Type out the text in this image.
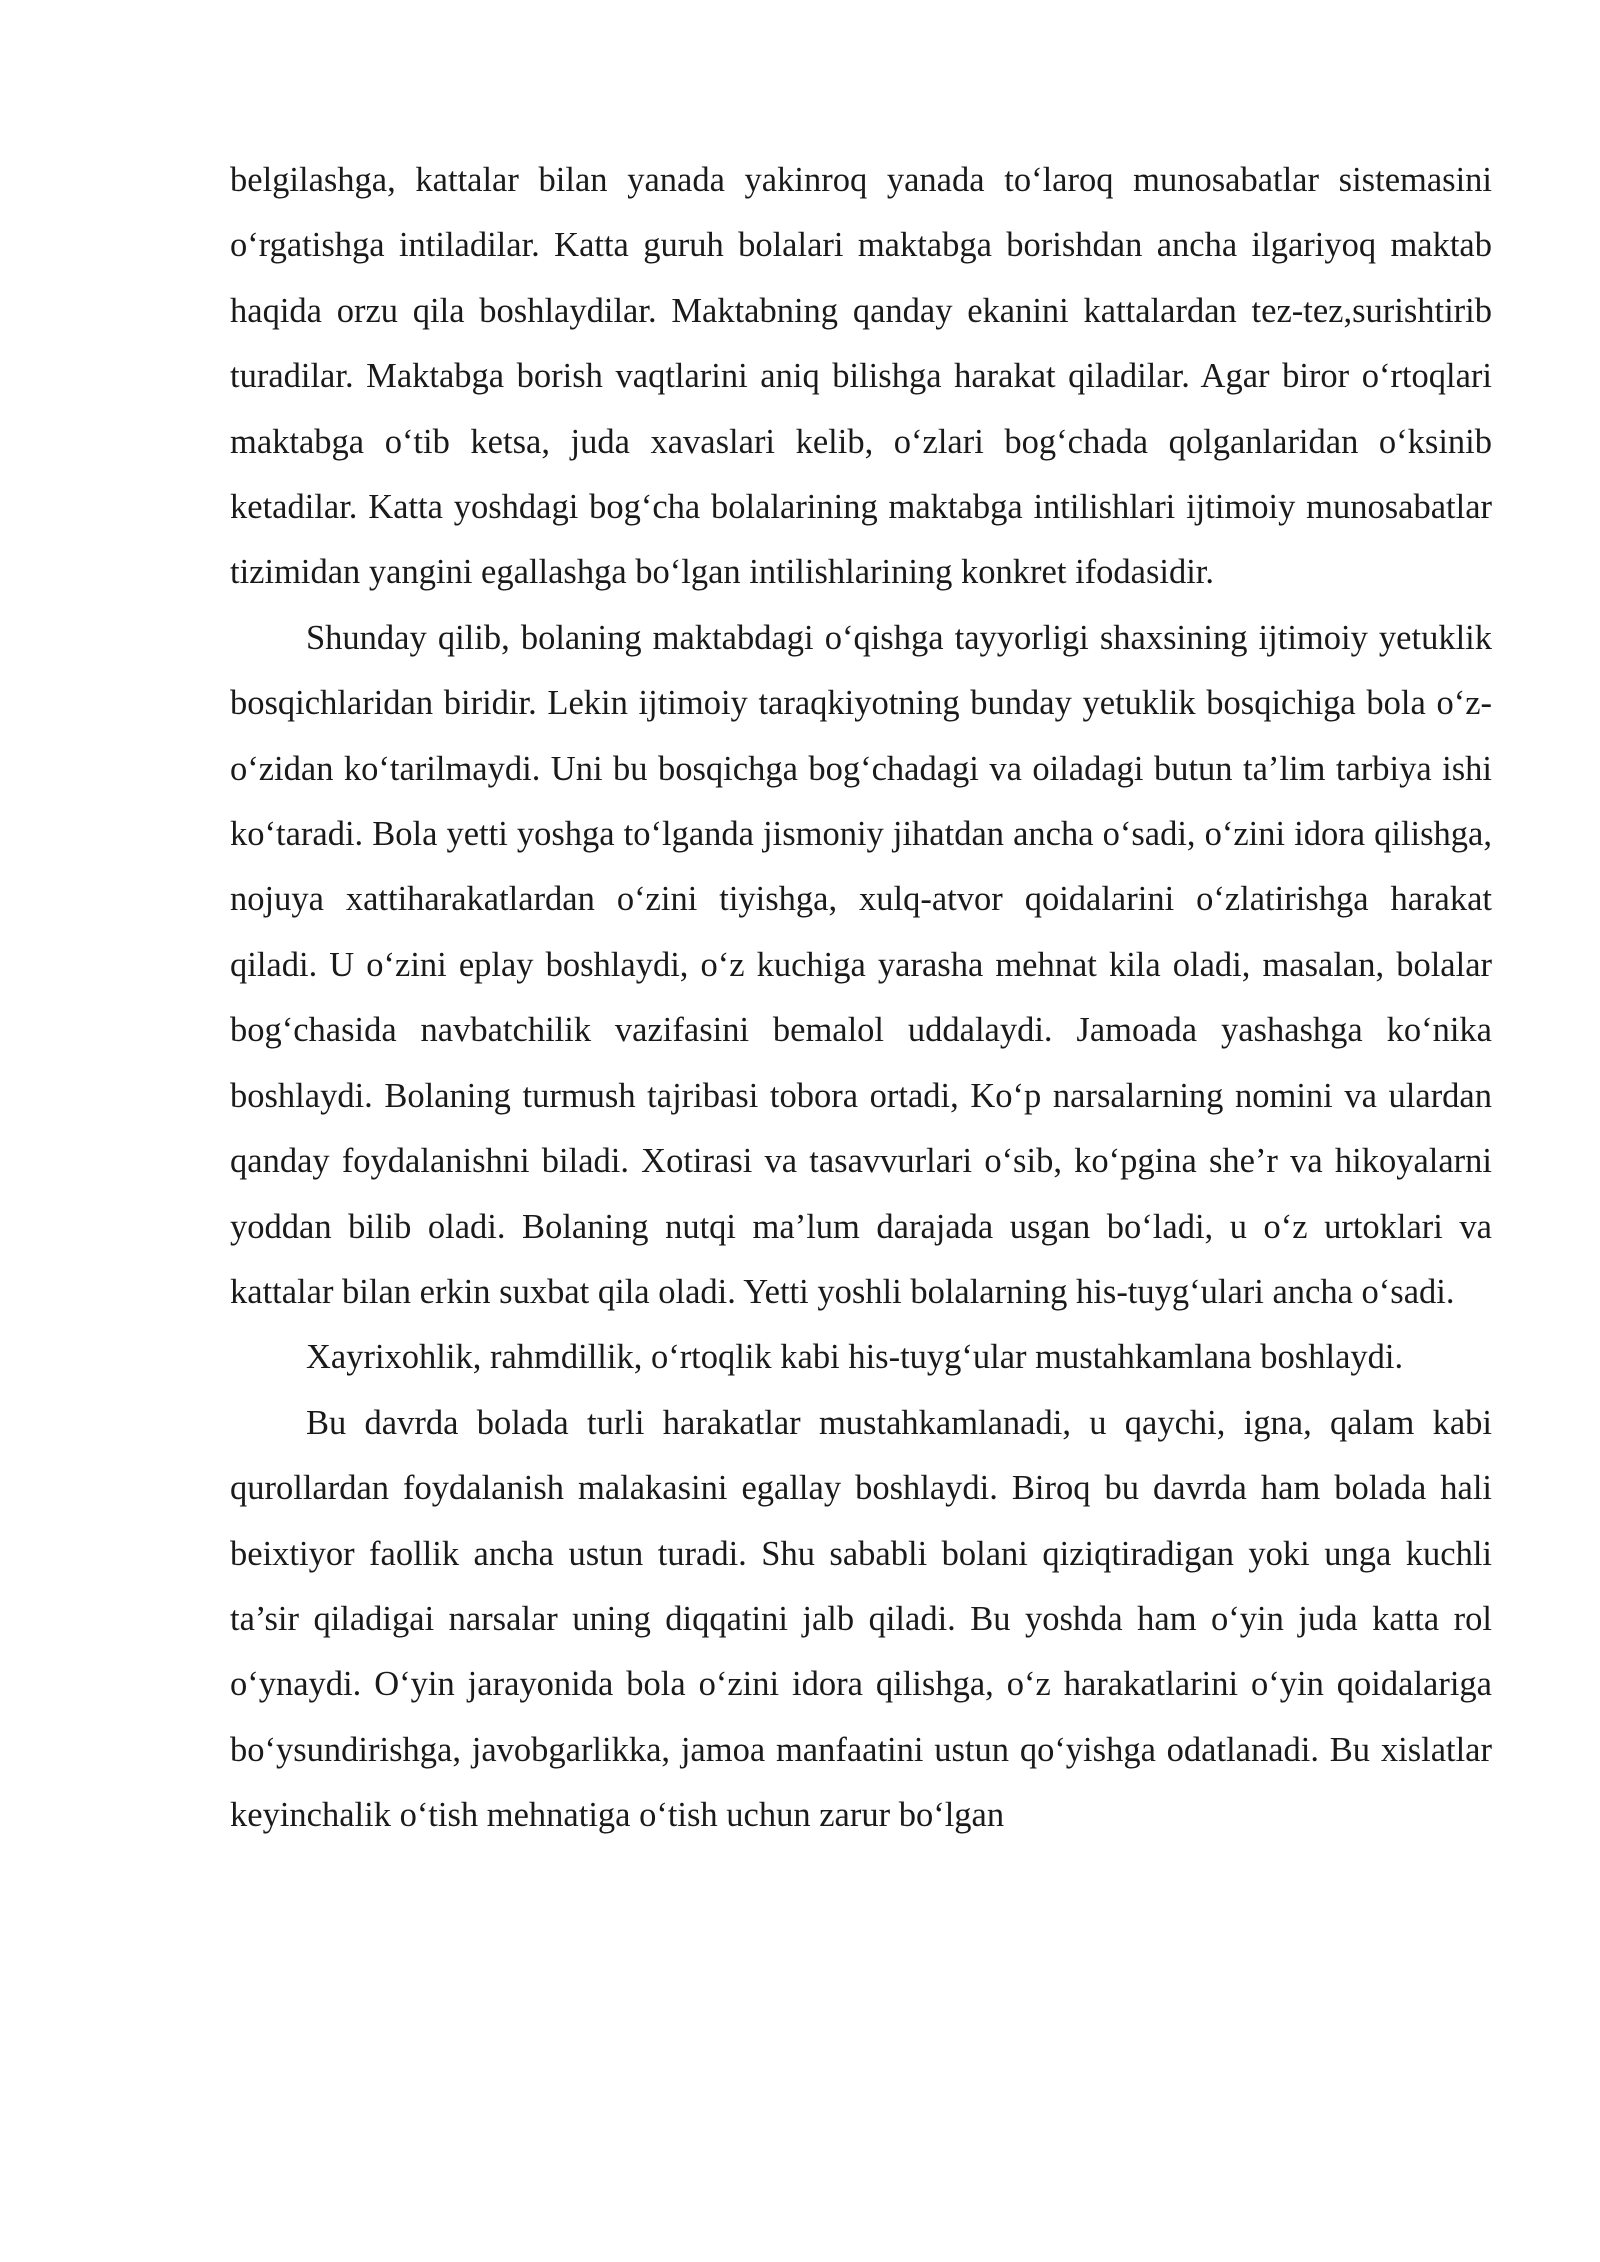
belgilashga, kattalar bilan yanada yakinroq yanada to‘laroq munosabatlar sistemasini o‘rgatishga intiladilar. Katta guruh bolalari maktabga borishdan ancha ilgariyoq maktab haqida orzu qila boshlaydilar. Maktabning qanday ekanini kattalardan tez-tez,surishtirib turadilar. Maktabga borish vaqtlarini aniq bilishga harakat qiladilar. Agar biror o‘rtoqlari maktabga o‘tib ketsa, juda xavaslari kelib, o‘zlari bog‘chada qolganlaridan o‘ksinib ketadilar. Katta yoshdagi bog‘cha bolalarining maktabga intilishlari ijtimoiy munosabatlar tizimidan yangini egallashga bo‘lgan intilishlarining konkret ifodasidir.

Shunday qilib, bolaning maktabdagi o‘qishga tayyorligi shaxsining ijtimoiy yetuklik bosqichlaridan biridir. Lekin ijtimoiy taraqkiyotning bunday yetuklik bosqichiga bola o‘z-o‘zidan ko‘tarilmaydi. Uni bu bosqichga bog‘chadagi va oiladagi butun ta’lim tarbiya ishi ko‘taradi. Bola yetti yoshga to‘lganda jismoniy jihatdan ancha o‘sadi, o‘zini idora qilishga, nojuya xattiharakatlardan o‘zini tiyishga, xulq-atvor qoidalarini o‘zlatirishga harakat qiladi. U o‘zini eplay boshlaydi, o‘z kuchiga yarasha mehnat kila oladi, masalan, bolalar bog‘chasida navbatchilik vazifasini bemalol uddalaydi. Jamoada yashashga ko‘nika boshlaydi. Bolaning turmush tajribasi tobora ortadi, Ko‘p narsalarning nomini va ulardan qanday foydalanishni biladi. Xotirasi va tasavvurlari o‘sib, ko‘pgina she’r va hikoyalarni yoddan bilib oladi. Bolaning nutqi ma’lum darajada usgan bo‘ladi, u o‘z urtoklari va kattalar bilan erkin suxbat qila oladi. Yetti yoshli bolalarning his-tuyg‘ulari ancha o‘sadi.

Xayrixohlik, rahmdillik, o‘rtoqlik kabi his-tuyg‘ular mustahkamlana boshlaydi.

Bu davrda bolada turli harakatlar mustahkamlanadi, u qaychi, igna, qalam kabi qurollardan foydalanish malakasini egallay boshlaydi. Biroq bu davrda ham bolada hali beixtiyor faollik ancha ustun turadi. Shu sababli bolani qiziqtiradigan yoki unga kuchli ta’sir qiladigai narsalar uning diqqatini jalb qiladi. Bu yoshda ham o‘yin juda katta rol o‘ynaydi. O‘yin jarayonida bola o‘zini idora qilishga, o‘z harakatlarini o‘yin qoidalariga bo‘ysundirishga, javobgarlikka, jamoa manfaatini ustun qo‘yishga odatlanadi. Bu xislatlar keyinchalik o‘tish mehnatiga o‘tish uchun zarur bo‘lgan
